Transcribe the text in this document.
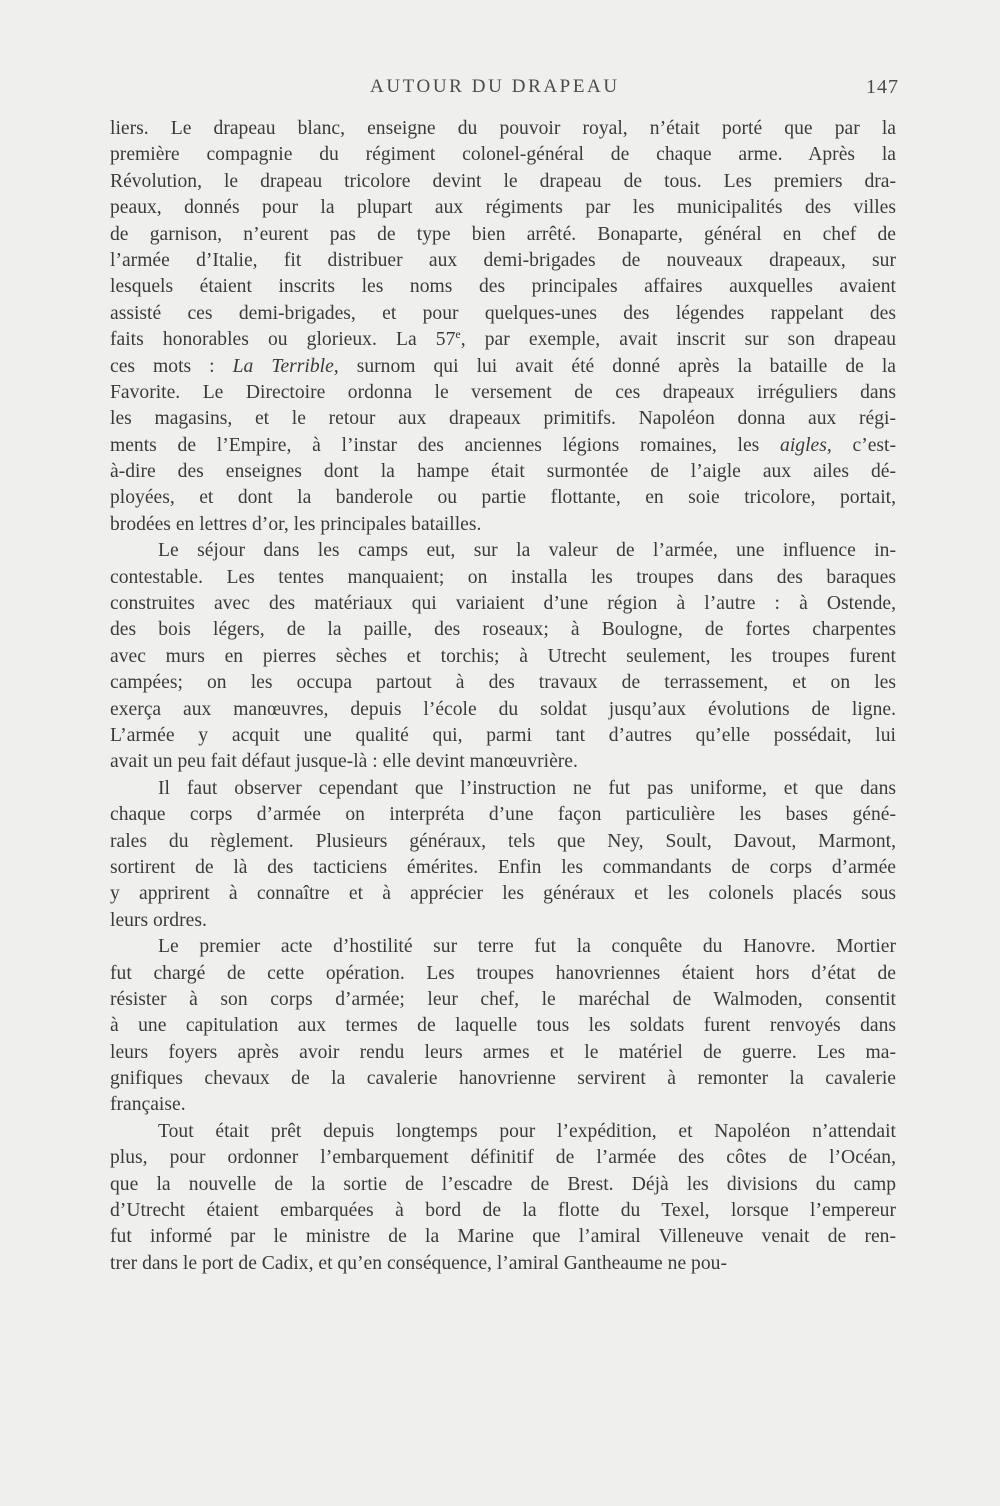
AUTOUR DU DRAPEAU	147
liers. Le drapeau blanc, enseigne du pouvoir royal, n’était porté que par la
première compagnie du régiment colonel-général de chaque arme. Après la
Révolution, le drapeau tricolore devint le drapeau de tous. Les premiers dra-
peaux, donnés pour la plupart aux régiments par les municipalités des villes
de garnison, n’eurent pas de type bien arrêté. Bonaparte, général en chef de
l’armée d’Italie, fit distribuer aux demi-brigades de nouveaux drapeaux, sur
lesquels étaient inscrits les noms des principales affaires auxquelles avaient
assisté ces demi-brigades, et pour quelques-unes des légendes rappelant des
faits honorables ou glorieux. La 57e, par exemple, avait inscrit sur son drapeau
ces mots : La Terrible, surnom qui lui avait été donné après la bataille de la
Favorite. Le Directoire ordonna le versement de ces drapeaux irréguliers dans
les magasins, et le retour aux drapeaux primitifs. Napoléon donna aux régi-
ments de l’Empire, à l’instar des anciennes légions romaines, les aigles, c’est-
à-dire des enseignes dont la hampe était surmontée de l’aigle aux ailes dé-
ployées, et dont la banderole ou partie flottante, en soie tricolore, portait,
brodées en lettres d’or, les principales batailles.
Le séjour dans les camps eut, sur la valeur de l’armée, une influence in-
contestable. Les tentes manquaient; on installa les troupes dans des baraques
construites avec des matériaux qui variaient d’une région à l’autre : à Ostende,
des bois légers, de la paille, des roseaux; à Boulogne, de fortes charpentes
avec murs en pierres sèches et torchis; à Utrecht seulement, les troupes furent
campées; on les occupa partout à des travaux de terrassement, et on les
exerça aux manœuvres, depuis l’école du soldat jusqu’aux évolutions de ligne.
L’armée y acquit une qualité qui, parmi tant d’autres qu’elle possédait, lui
avait un peu fait défaut jusque-là : elle devint manœuvrière.
Il faut observer cependant que l’instruction ne fut pas uniforme, et que dans
chaque corps d’armée on interpréta d’une façon particulière les bases géné-
rales du règlement. Plusieurs généraux, tels que Ney, Soult, Davout, Marmont,
sortirent de là des tacticiens émérites. Enfin les commandants de corps d’armée
y apprirent à connaître et à apprécier les généraux et les colonels placés sous
leurs ordres.
Le premier acte d’hostilité sur terre fut la conquête du Hanovre. Mortier
fut chargé de cette opération. Les troupes hanovriennes étaient hors d’état de
résister à son corps d’armée; leur chef, le maréchal de Walmoden, consentit
à une capitulation aux termes de laquelle tous les soldats furent renvoyés dans
leurs foyers après avoir rendu leurs armes et le matériel de guerre. Les ma-
gnifiques chevaux de la cavalerie hanovrienne servirent à remonter la cavalerie
française.
Tout était prêt depuis longtemps pour l’expédition, et Napoléon n’attendait
plus, pour ordonner l’embarquement définitif de l’armée des côtes de l’Océan,
que la nouvelle de la sortie de l’escadre de Brest. Déjà les divisions du camp
d’Utrecht étaient embarquées à bord de la flotte du Texel, lorsque l’empereur
fut informé par le ministre de la Marine que l’amiral Villeneuve venait de ren-
trer dans le port de Cadix, et qu’en conséquence, l’amiral Gantheaume ne pou-
